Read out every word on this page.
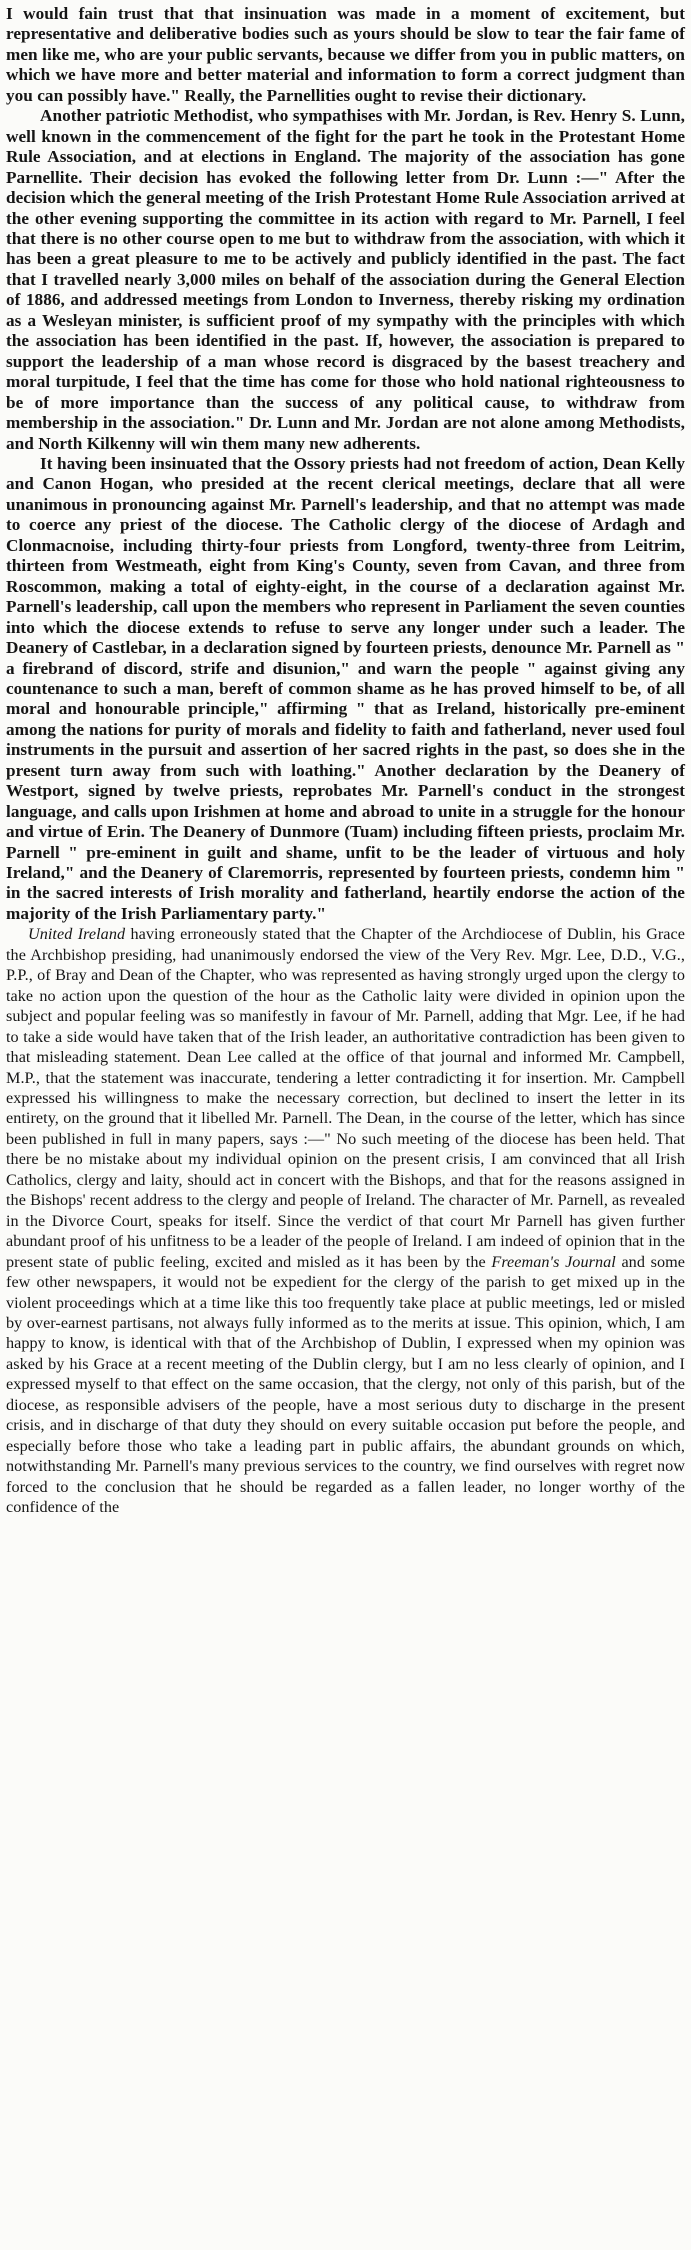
I would fain trust that that insinuation was made in a moment of excitement, but representative and deliberative bodies such as yours should be slow to tear the fair fame of men like me, who are your public servants, because we differ from you in public matters, on which we have more and better material and information to form a correct judgment than you can possibly have." Really, the Parnellities ought to revise their dictionary.

Another patriotic Methodist, who sympathises with Mr. Jordan, is Rev. Henry S. Lunn, well known in the commencement of the fight for the part he took in the Protestant Home Rule Association, and at elections in England. The majority of the association has gone Parnellite. Their decision has evoked the following letter from Dr. Lunn :—" After the decision which the general meeting of the Irish Protestant Home Rule Association arrived at the other evening supporting the committee in its action with regard to Mr. Parnell, I feel that there is no other course open to me but to withdraw from the association, with which it has been a great pleasure to me to be actively and publicly identified in the past. The fact that I travelled nearly 3,000 miles on behalf of the association during the General Election of 1886, and addressed meetings from London to Inverness, thereby risking my ordination as a Wesleyan minister, is sufficient proof of my sympathy with the principles with which the association has been identified in the past. If, however, the association is prepared to support the leadership of a man whose record is disgraced by the basest treachery and moral turpitude, I feel that the time has come for those who hold national righteousness to be of more importance than the success of any political cause, to withdraw from membership in the association." Dr. Lunn and Mr. Jordan are not alone among Methodists, and North Kilkenny will win them many new adherents.

It having been insinuated that the Ossory priests had not freedom of action, Dean Kelly and Canon Hogan, who presided at the recent clerical meetings, declare that all were unanimous in pronouncing against Mr. Parnell's leadership, and that no attempt was made to coerce any priest of the diocese. The Catholic clergy of the diocese of Ardagh and Clonmacnoise, including thirty-four priests from Longford, twenty-three from Leitrim, thirteen from Westmeath, eight from King's County, seven from Cavan, and three from Roscommon, making a total of eighty-eight, in the course of a declaration against Mr. Parnell's leadership, call upon the members who represent in Parliament the seven counties into which the diocese extends to refuse to serve any longer under such a leader. The Deanery of Castlebar, in a declaration signed by fourteen priests, denounce Mr. Parnell as " a firebrand of discord, strife and disunion," and warn the people " against giving any countenance to such a man, bereft of common shame as he has proved himself to be, of all moral and honourable principle," affirming " that as Ireland, historically pre-eminent among the nations for purity of morals and fidelity to faith and fatherland, never used foul instruments in the pursuit and assertion of her sacred rights in the past, so does she in the present turn away from such with loathing." Another declaration by the Deanery of Westport, signed by twelve priests, reprobates Mr. Parnell's conduct in the strongest language, and calls upon Irishmen at home and abroad to unite in a struggle for the honour and virtue of Erin. The Deanery of Dunmore (Tuam) including fifteen priests, proclaim Mr. Parnell " pre-eminent in guilt and shame, unfit to be the leader of virtuous and holy Ireland," and the Deanery of Claremorris, represented by fourteen priests, condemn him " in the sacred interests of Irish morality and fatherland, heartily endorse the action of the majority of the Irish Parliamentary party."

United Ireland having erroneously stated that the Chapter of the Archdiocese of Dublin, his Grace the Archbishop presiding, had unanimously endorsed the view of the Very Rev. Mgr. Lee, D.D., V.G., P.P., of Bray and Dean of the Chapter, who was represented as having strongly urged upon the clergy to take no action upon the question of the hour as the Catholic laity were divided in opinion upon the subject and popular feeling was so manifestly in favour of Mr. Parnell, adding that Mgr. Lee, if he had to take a side would have taken that of the Irish leader, an authoritative contradiction has been given to that misleading statement. Dean Lee called at the office of that journal and informed Mr. Campbell, M.P., that the statement was inaccurate, tendering a letter contradicting it for insertion. Mr. Campbell expressed his willingness to make the necessary correction, but declined to insert the letter in its entirety, on the ground that it libelled Mr. Parnell. The Dean, in the course of the letter, which has since been published in full in many papers, says :—" No such meeting of the diocese has been held. That there be no mistake about my individual opinion on the present crisis, I am convinced that all Irish Catholics, clergy and laity, should act in concert with the Bishops, and that for the reasons assigned in the Bishops' recent address to the clergy and people of Ireland. The character of Mr. Parnell, as revealed in the Divorce Court, speaks for itself. Since the verdict of that court Mr Parnell has given further abundant proof of his unfitness to be a leader of the people of Ireland. I am indeed of opinion that in the present state of public feeling, excited and misled as it has been by the Freeman's Journal and some few other newspapers, it would not be expedient for the clergy of the parish to get mixed up in the violent proceedings which at a time like this too frequently take place at public meetings, led or misled by over-earnest partisans, not always fully informed as to the merits at issue. This opinion, which, I am happy to know, is identical with that of the Archbishop of Dublin, I expressed when my opinion was asked by his Grace at a recent meeting of the Dublin clergy, but I am no less clearly of opinion, and I expressed myself to that effect on the same occasion, that the clergy, not only of this parish, but of the diocese, as responsible advisers of the people, have a most serious duty to discharge in the present crisis, and in discharge of that duty they should on every suitable occasion put before the people, and especially before those who take a leading part in public affairs, the abundant grounds on which, notwithstanding Mr. Parnell's many previous services to the country, we find ourselves with regret now forced to the conclusion that he should be regarded as a fallen leader, no longer worthy of the confidence of the
